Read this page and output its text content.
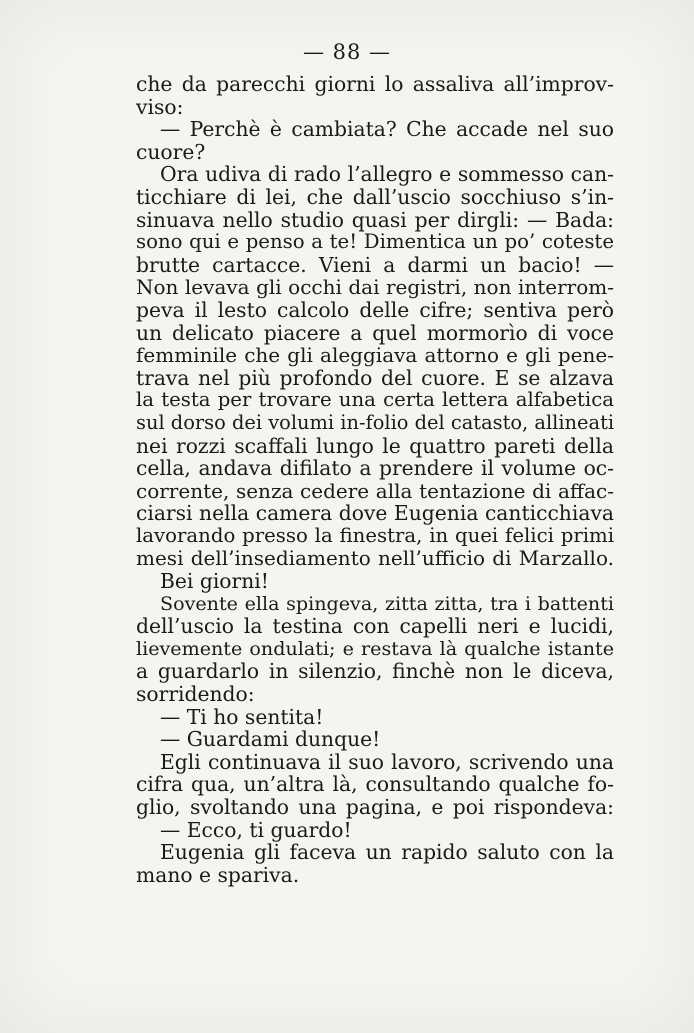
— 88 —
che da parecchi giorni lo assaliva all’improv-
viso:
— Perchè è cambiata? Che accade nel suo
cuore?
Ora udiva di rado l’allegro e sommesso can-
ticchiare di lei, che dall’uscio socchiuso s’in-
sinuava nello studio quasi per dirgli: — Bada:
sono qui e penso a te! Dimentica un po’ coteste
brutte cartacce. Vieni a darmi un bacio! —
Non levava gli occhi dai registri, non interrom-
peva il lesto calcolo delle cifre; sentiva però
un delicato piacere a quel mormorìo di voce
femminile che gli aleggiava attorno e gli pene-
trava nel più profondo del cuore. E se alzava
la testa per trovare una certa lettera alfabetica
sul dorso dei volumi in-folio del catasto, allineati
nei rozzi scaffali lungo le quattro pareti della
cella, andava difilato a prendere il volume oc-
corrente, senza cedere alla tentazione di affac-
ciarsi nella camera dove Eugenia canticchiava
lavorando presso la finestra, in quei felici primi
mesi dell’insediamento nell’ufficio di Marzallo.
Bei giorni!
Sovente ella spingeva, zitta zitta, tra i battenti
dell’uscio la testina con capelli neri e lucidi,
lievemente ondulati; e restava là qualche istante
a guardarlo in silenzio, finchè non le diceva,
sorridendo:
— Ti ho sentita!
— Guardami dunque!
Egli continuava il suo lavoro, scrivendo una
cifra qua, un’altra là, consultando qualche fo-
glio, svoltando una pagina, e poi rispondeva:
— Ecco, ti guardo!
Eugenia gli faceva un rapido saluto con la
mano e spariva.
